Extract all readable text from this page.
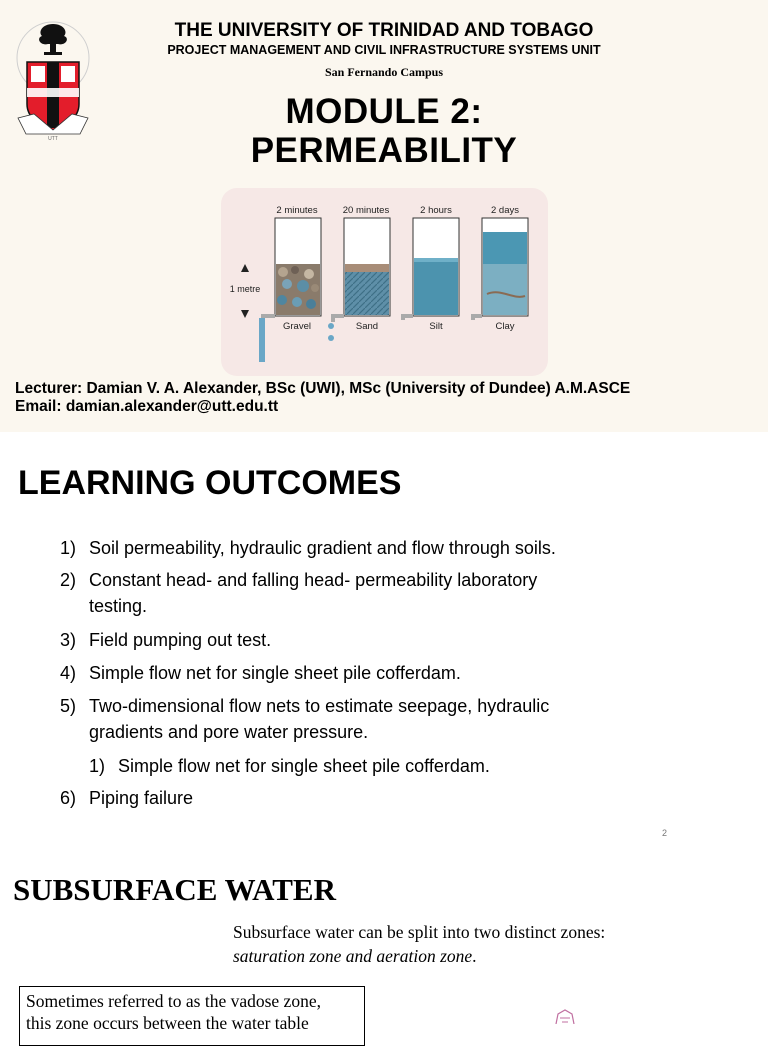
UTT
THE UNIVERSITY OF TRINIDAD AND TOBAGO
PROJECT MANAGEMENT AND CIVIL INFRASTRUCTURE SYSTEMS UNIT
San Fernando Campus
MODULE 2:
PERMEABILITY
2 minutes	20 minutes	2 hours	2 days
1 metre
Gravel	Sand	Silt	Clay
Lecturer: Damian V. A. Alexander, BSc (UWI), MSc (University of Dundee) A.M.ASCE
Email: damian.alexander@utt.edu.tt
LEARNING OUTCOMES
1) Soil permeability, hydraulic gradient and flow through soils.
2) Constant head- and falling head- permeability laboratory
testing.
3) Field pumping out test.
4) Simple flow net for single sheet pile cofferdam.
5) Two-dimensional flow nets to estimate seepage, hydraulic
gradients and pore water pressure.
1) Simple flow net for single sheet pile cofferdam.
6) Piping failure
2
SUBSURFACE WATER
Subsurface water can be split into two distinct zones: saturation zone and aeration zone.
Sometimes referred to as the vadose zone,
this zone occurs between the water table
